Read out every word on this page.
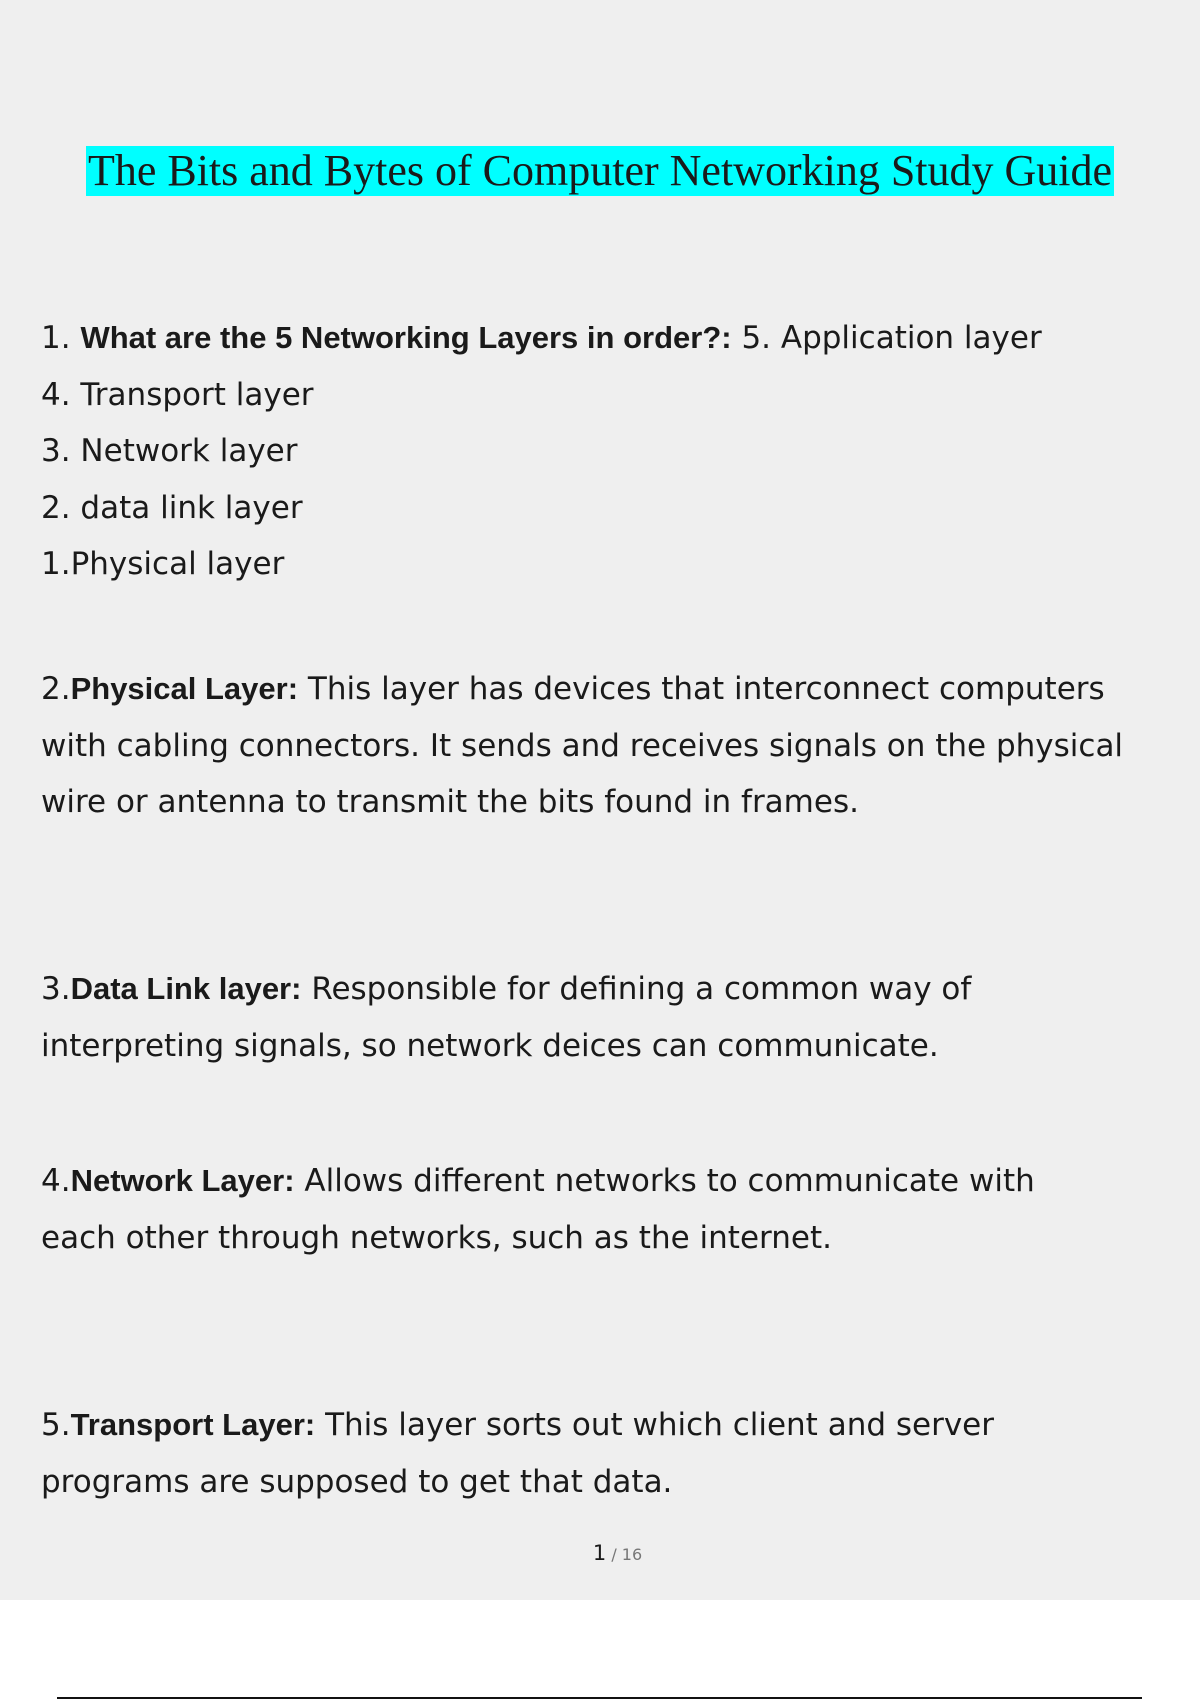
The Bits and Bytes of Computer Networking Study Guide
1. What are the 5 Networking Layers in order?: 5. Application layer
4. Transport layer
3. Network layer
2. data link layer
1.Physical layer
2.Physical Layer: This layer has devices that interconnect computers
with cabling connectors. It sends and receives signals on the physical
wire or antenna to transmit the bits found in frames.
3.Data Link layer: Responsible for defining a common way of
interpreting signals, so network deices can communicate.
4.Network Layer: Allows different networks to communicate with
each other through networks, such as the internet.
5.Transport Layer: This layer sorts out which client and server
programs are supposed to get that data.
1 / 16
